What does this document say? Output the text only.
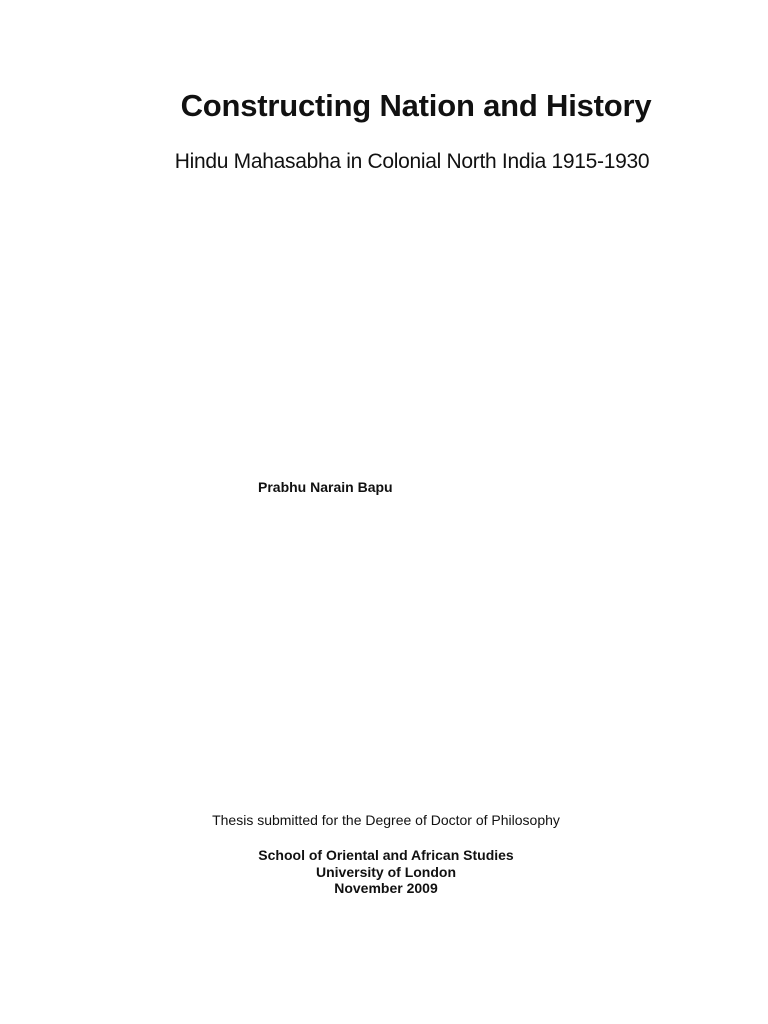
Constructing Nation and History
Hindu Mahasabha in Colonial North India 1915-1930

Prabhu Narain Bapu

Thesis submitted for the Degree of Doctor of Philosophy

School of Oriental and African Studies
University of London
November 2009
